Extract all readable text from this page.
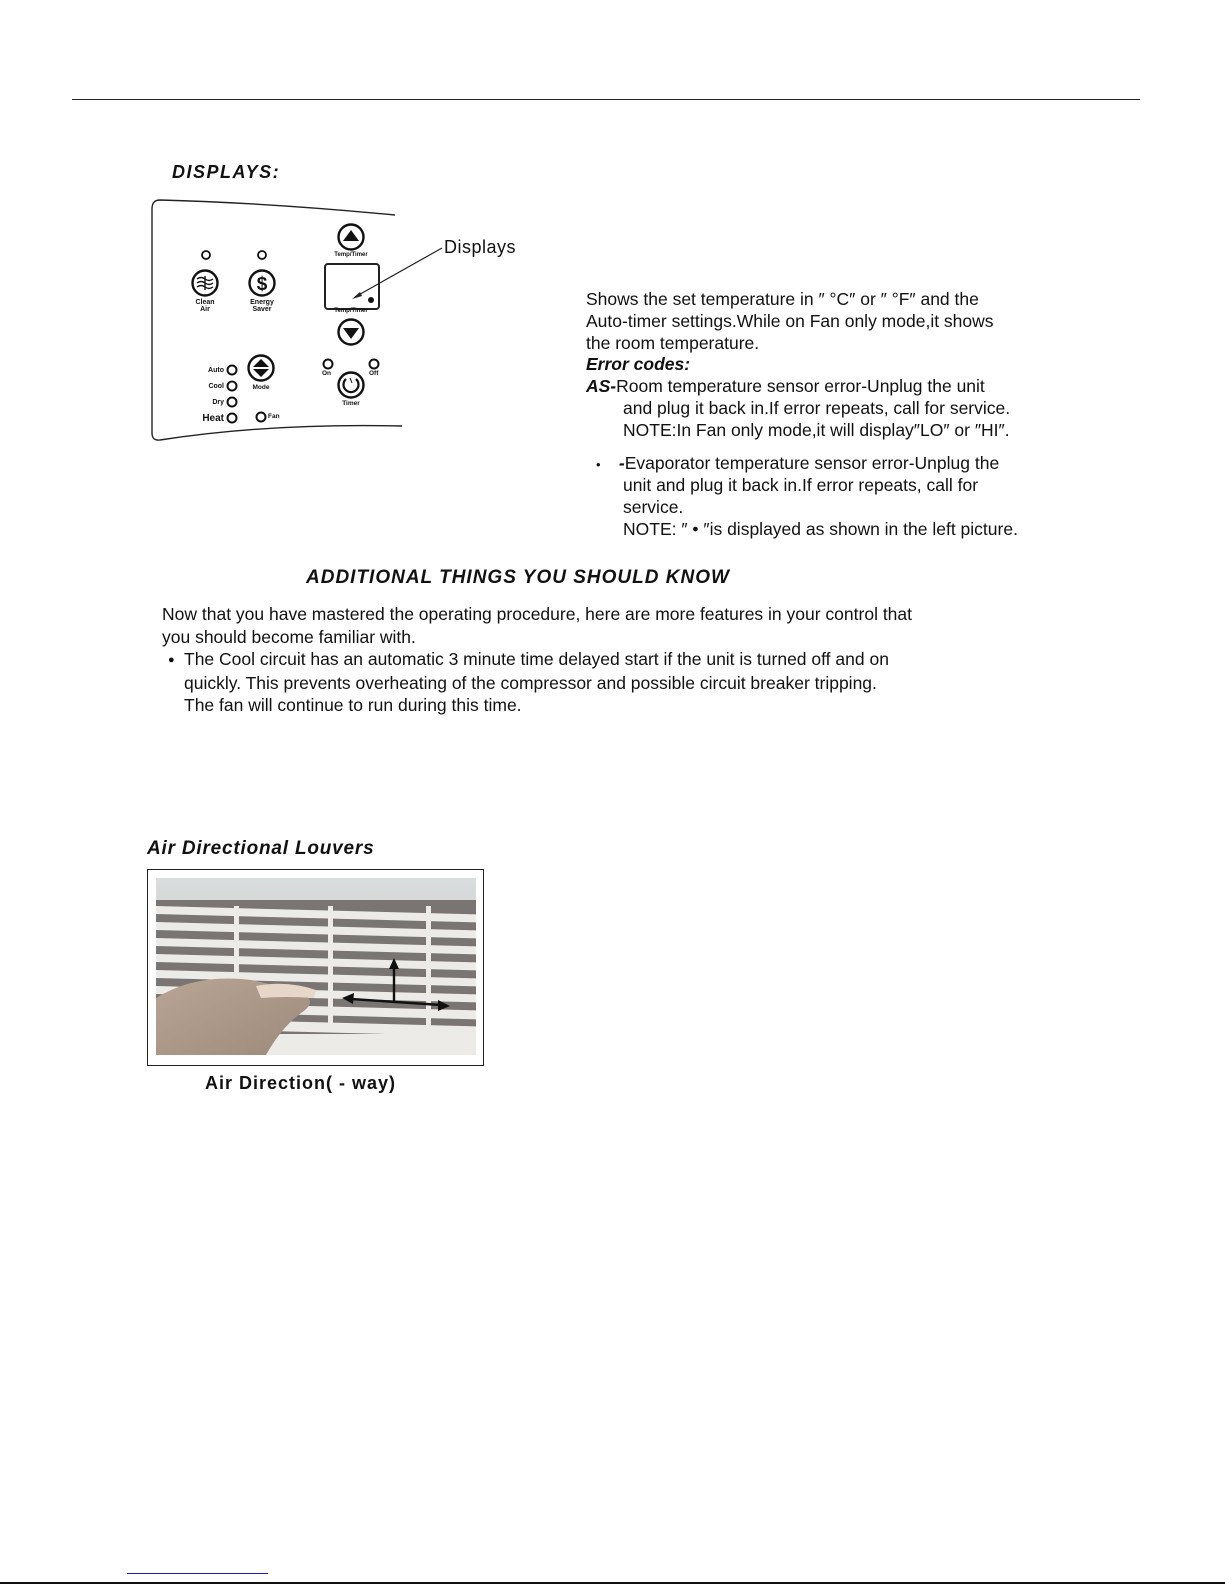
DISPLAYS:
Clean
Air
$
Energy
Saver
Temp/Timer
Temp/Timer
Auto
Cool
Dry
Heat
Mode
Fan
On	Off
Timer
Displays

Shows the set temperature in ″ °C″ or ″ °F″ and the

Auto-timer settings.While on Fan only mode,it shows

the room temperature.

Error codes:

AS-Room temperature sensor error-Unplug the unit

and plug it back in.If error repeats, call for service.

NOTE:In Fan only mode,it will display″LO″ or ″HI″.

• -Evaporator temperature sensor error-Unplug the

unit and plug it back in.If error repeats, call for

service.

NOTE: ″ • ″is displayed as shown in the left picture.

ADDITIONAL THINGS YOU SHOULD KNOW

Now that you have mastered the operating procedure, here are more features in your control that

you should become familiar with.

● The Cool circuit has an automatic 3 minute time delayed start if the unit is turned off and on

quickly. This prevents overheating of the compressor and possible circuit breaker tripping.

The fan will continue to run during this time.

Air Directional Louvers
Air Direction( - way)
